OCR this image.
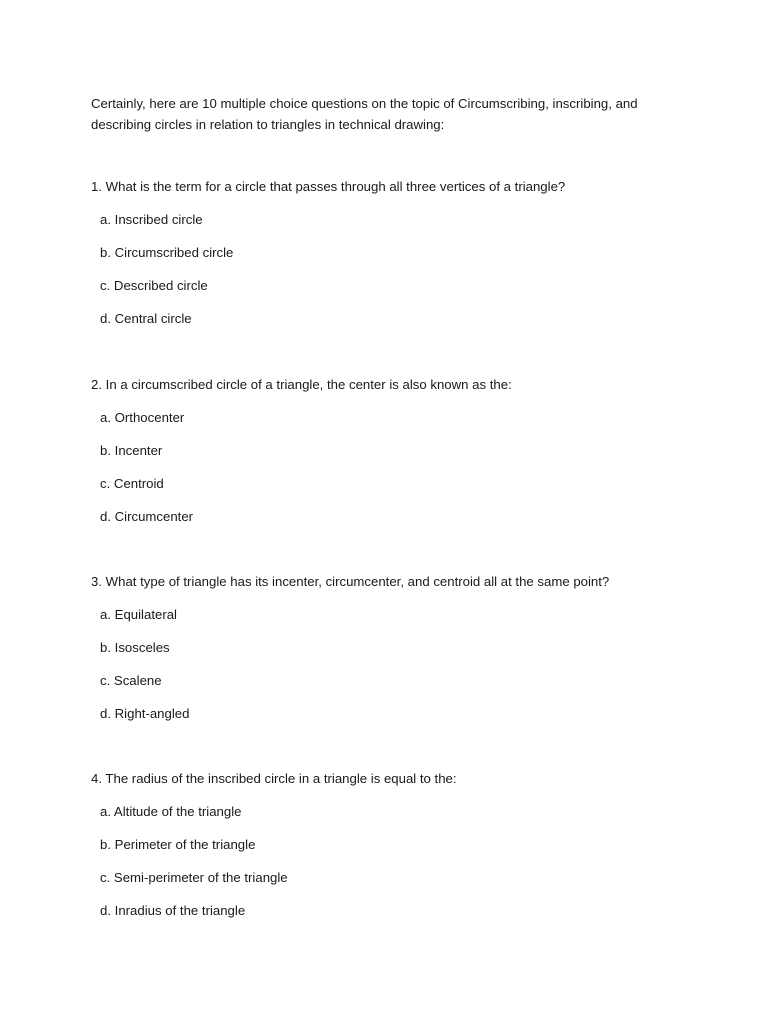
Certainly, here are 10 multiple choice questions on the topic of Circumscribing, inscribing, and describing circles in relation to triangles in technical drawing:

1. What is the term for a circle that passes through all three vertices of a triangle?

a. Inscribed circle

b. Circumscribed circle

c. Described circle

d. Central circle

2. In a circumscribed circle of a triangle, the center is also known as the:

a. Orthocenter

b. Incenter

c. Centroid

d. Circumcenter

3. What type of triangle has its incenter, circumcenter, and centroid all at the same point?

a. Equilateral

b. Isosceles

c. Scalene

d. Right-angled

4. The radius of the inscribed circle in a triangle is equal to the:

a. Altitude of the triangle

b. Perimeter of the triangle

c. Semi-perimeter of the triangle

d. Inradius of the triangle
